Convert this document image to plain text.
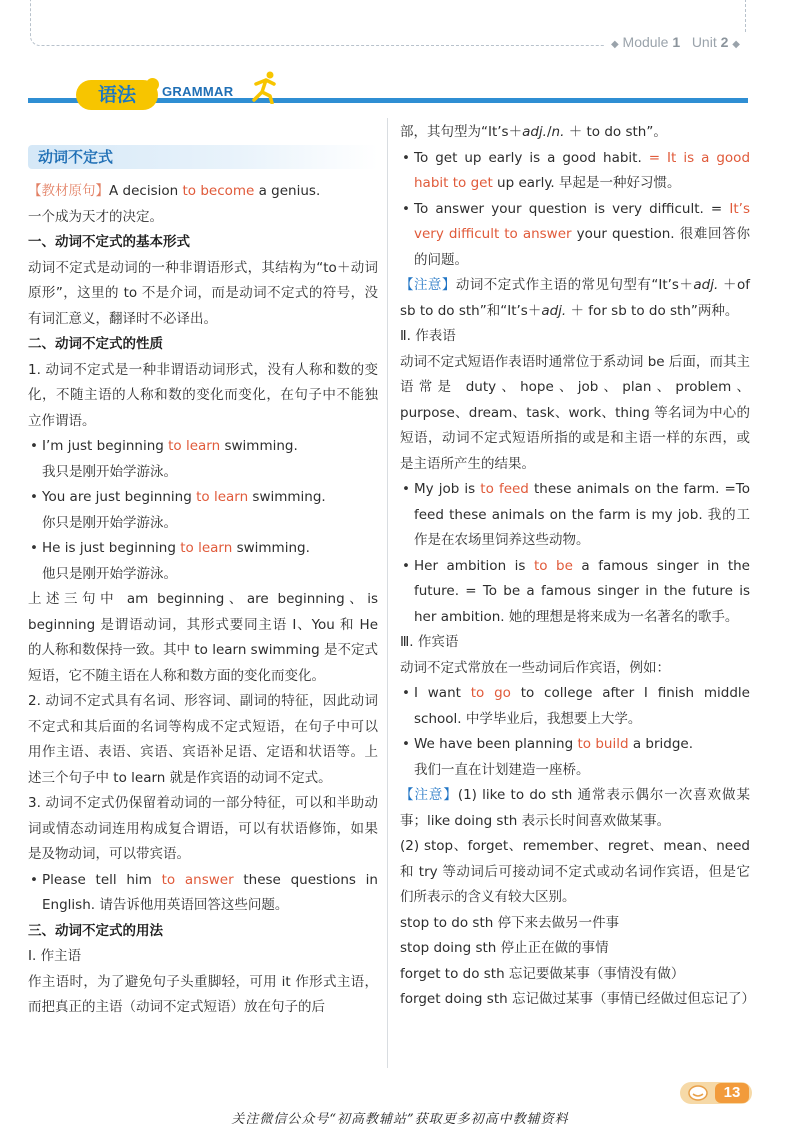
◆ Module 1 Unit 2 ◆
语法	GRAMMAR
动词不定式

【教材原句】A decision to become a genius.

一个成为天才的决定。

一、动词不定式的基本形式

动词不定式是动词的一种非谓语形式，其结构为“to＋动词原形”，这里的 to 不是介词，而是动词不定式的符号，没有词汇意义，翻译时不必译出。

二、动词不定式的性质

1. 动词不定式是一种非谓语动词形式，没有人称和数的变化，不随主语的人称和数的变化而变化，在句子中不能独立作谓语。

• I’m just beginning to learn swimming.

我只是刚开始学游泳。

• You are just beginning to learn swimming.

你只是刚开始学游泳。

• He is just beginning to learn swimming.

他只是刚开始学游泳。

上述三句中 am beginning、are beginning、is beginning 是谓语动词，其形式要同主语 I、You 和 He 的人称和数保持一致。其中 to learn swimming 是不定式短语，它不随主语在人称和数方面的变化而变化。

2. 动词不定式具有名词、形容词、副词的特征，因此动词不定式和其后面的名词等构成不定式短语，在句子中可以用作主语、表语、宾语、宾语补足语、定语和状语等。上述三个句子中 to learn 就是作宾语的动词不定式。

3. 动词不定式仍保留着动词的一部分特征，可以和半助动词或情态动词连用构成复合谓语，可以有状语修饰，如果是及物动词，可以带宾语。

• Please tell him to answer these questions in English. 请告诉他用英语回答这些问题。

三、动词不定式的用法

Ⅰ. 作主语

作主语时，为了避免句子头重脚轻，可用 it 作形式主语，而把真正的主语（动词不定式短语）放在句子的后

部，其句型为“It’s＋adj./n. ＋ to do sth”。

• To get up early is a good habit. = It is a good habit to get up early. 早起是一种好习惯。

• To answer your question is very difficult. = It’s very difficult to answer your question. 很难回答你的问题。

【注意】动词不定式作主语的常见句型有“It’s＋adj. ＋of sb to do sth”和“It’s＋adj. ＋ for sb to do sth”两种。

Ⅱ. 作表语

动词不定式短语作表语时通常位于系动词 be 后面，而其主语常是 duty、hope、job、plan、problem、purpose、dream、task、work、thing 等名词为中心的短语，动词不定式短语所指的或是和主语一样的东西，或是主语所产生的结果。

• My job is to feed these animals on the farm. =To feed these animals on the farm is my job. 我的工作是在农场里饲养这些动物。

• Her ambition is to be a famous singer in the future. = To be a famous singer in the future is her ambition. 她的理想是将来成为一名著名的歌手。

Ⅲ. 作宾语

动词不定式常放在一些动词后作宾语，例如：

• I want to go to college after I finish middle school. 中学毕业后，我想要上大学。

• We have been planning to build a bridge.

我们一直在计划建造一座桥。

【注意】(1) like to do sth 通常表示偶尔一次喜欢做某事；like doing sth 表示长时间喜欢做某事。

(2) stop、forget、remember、regret、mean、need 和 try 等动词后可接动词不定式或动名词作宾语，但是它们所表示的含义有较大区别。

stop to do sth 停下来去做另一件事

stop doing sth 停止正在做的事情

forget to do sth 忘记要做某事（事情没有做）

forget doing sth 忘记做过某事（事情已经做过但忘记了）

13
关注微信公众号“初高教辅站”获取更多初高中教辅资料
